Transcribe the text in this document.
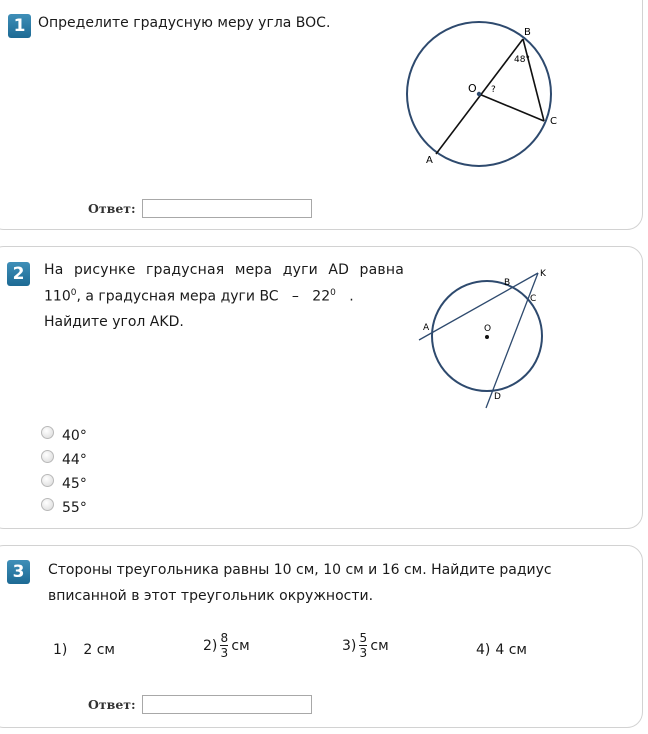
1 Определите градусную меру угла BOC.
B
48°
O ?
C
A
Ответ:
2	На рисунке градусная мера дуги AD равна
$110^0$, а градусная мера дуги BC   –   $22^0$   .
Найдите угол AKD.
K
B
C
A	O
D
40°
44°
45°
55°
3	Стороны треугольника равны 10 см, 10 см и 16 см. Найдите радиус
вписанной в этот треугольник окружности.
1) 2 см	$2) \frac{8}{3}$ см	$3) \frac{5}{3}$ см	4) 4 см
Ответ:
